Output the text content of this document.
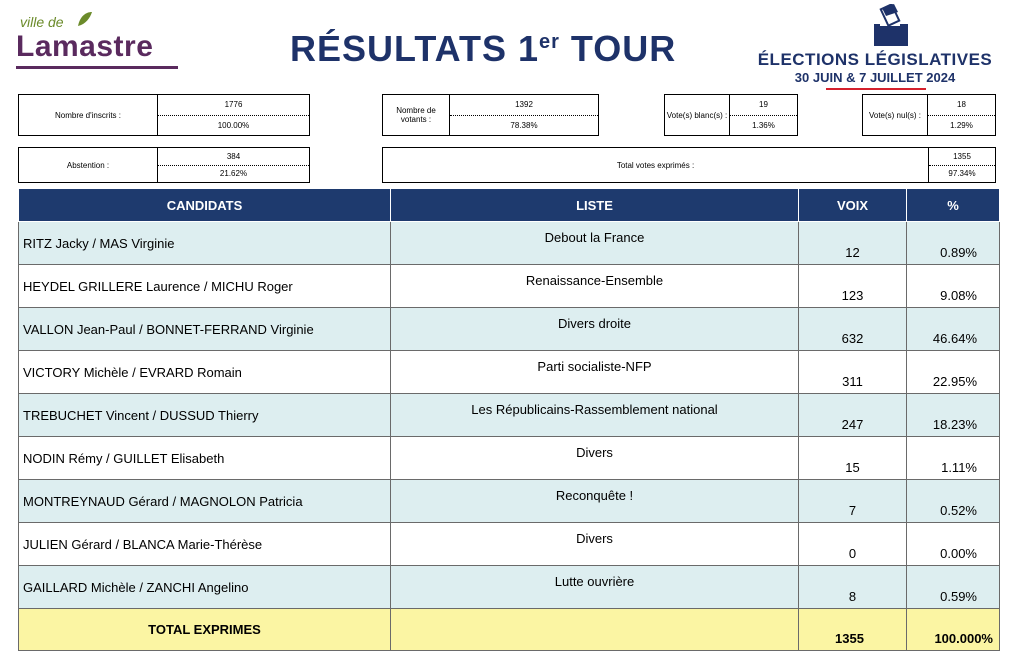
ville de
Lamastre	RÉSULTATS 1er TOUR	ÉLECTIONS LÉGISLATIVES
30 JUIN & 7 JUILLET 2024
Nombre d'inscrits :
1776
100.00%
Nombre de votants :
1392
78.38%
Vote(s) blanc(s) :
19
1.36%
Vote(s) nul(s) :
18
1.29%
Abstention :
384
21.62%
Total votes exprimés :
1355
97.34%
CANDIDATS	LISTE	VOIX	%
RITZ Jacky / MAS Virginie	Debout la France	12	0.89%
HEYDEL GRILLERE Laurence / MICHU Roger	Renaissance-Ensemble	123	9.08%
VALLON Jean-Paul / BONNET-FERRAND Virginie	Divers droite	632	46.64%
VICTORY Michèle / EVRARD Romain	Parti socialiste-NFP	311	22.95%
TREBUCHET Vincent / DUSSUD Thierry	Les Républicains-Rassemblement national	247	18.23%
NODIN Rémy / GUILLET Elisabeth	Divers	15	1.11%
MONTREYNAUD Gérard / MAGNOLON Patricia	Reconquête !	7	0.52%
JULIEN Gérard / BLANCA Marie-Thérèse	Divers	0	0.00%
GAILLARD Michèle / ZANCHI Angelino	Lutte ouvrière	8	0.59%
TOTAL EXPRIMES		1355	100.000%
